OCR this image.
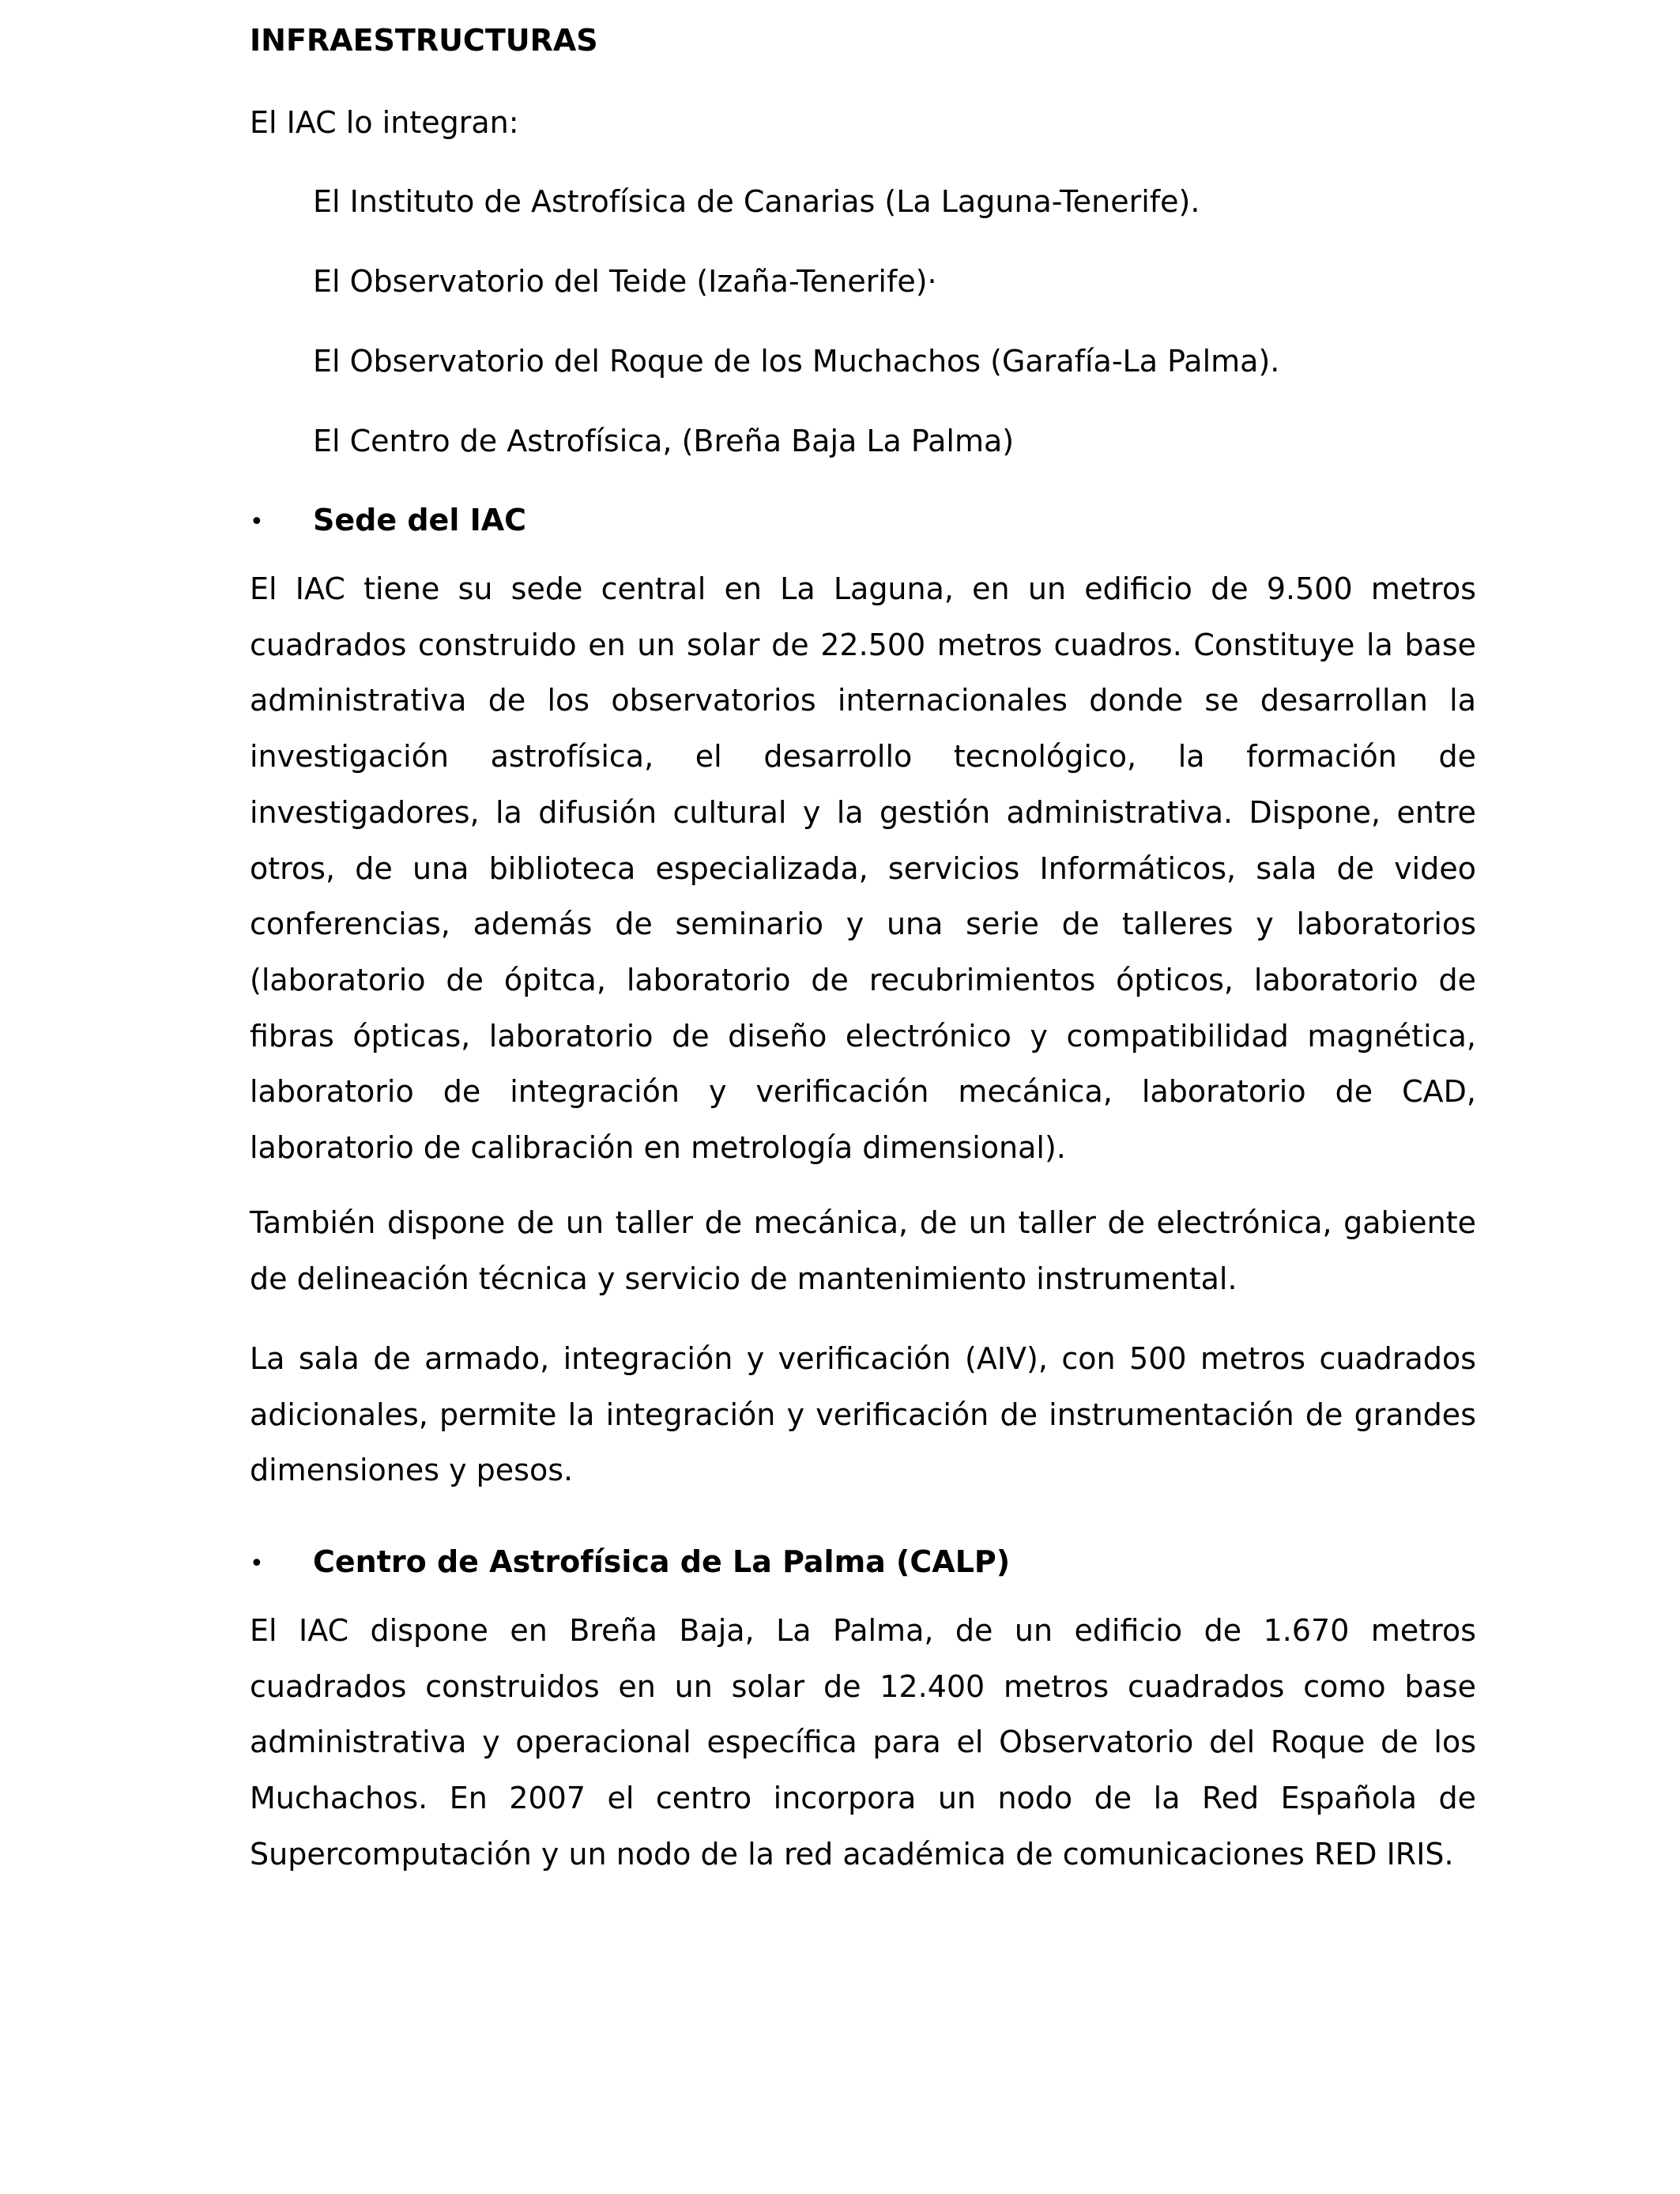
INFRAESTRUCTURAS
El IAC lo integran:
El Instituto de Astrofísica de Canarias (La Laguna-Tenerife).
El Observatorio del Teide (Izaña-Tenerife)·
El Observatorio del Roque de los Muchachos (Garafía-La Palma).
El Centro de Astrofísica, (Breña Baja La Palma)
• Sede del IAC

El IAC tiene su sede central en La Laguna, en un edificio de 9.500 metros cuadrados construido en un solar de 22.500 metros cuadros. Constituye la base administrativa de los observatorios internacionales donde se desarrollan la investigación astrofísica, el desarrollo tecnológico, la formación de investigadores, la difusión cultural y la gestión administrativa. Dispone, entre otros, de una biblioteca especializada, servicios Informáticos, sala de video conferencias, además de seminario y una serie de talleres y laboratorios (laboratorio de ópitca, laboratorio de recubrimientos ópticos, laboratorio de fibras ópticas, laboratorio de diseño electrónico y compatibilidad magnética, laboratorio de integración y verificación mecánica, laboratorio de CAD, laboratorio de calibración en metrología dimensional).

También dispone de un taller de mecánica, de un taller de electrónica, gabiente de delineación técnica y servicio de mantenimiento instrumental.

La sala de armado, integración y verificación (AIV), con 500 metros cuadrados adicionales, permite la integración y verificación de instrumentación de grandes dimensiones y pesos.

• Centro de Astrofísica de La Palma (CALP)

El IAC dispone en Breña Baja, La Palma, de un edificio de 1.670 metros cuadrados construidos en un solar de 12.400 metros cuadrados como base administrativa y operacional específica para el Observatorio del Roque de los Muchachos. En 2007 el centro incorpora un nodo de la Red Española de Supercomputación y un nodo de la red académica de comunicaciones RED IRIS.
